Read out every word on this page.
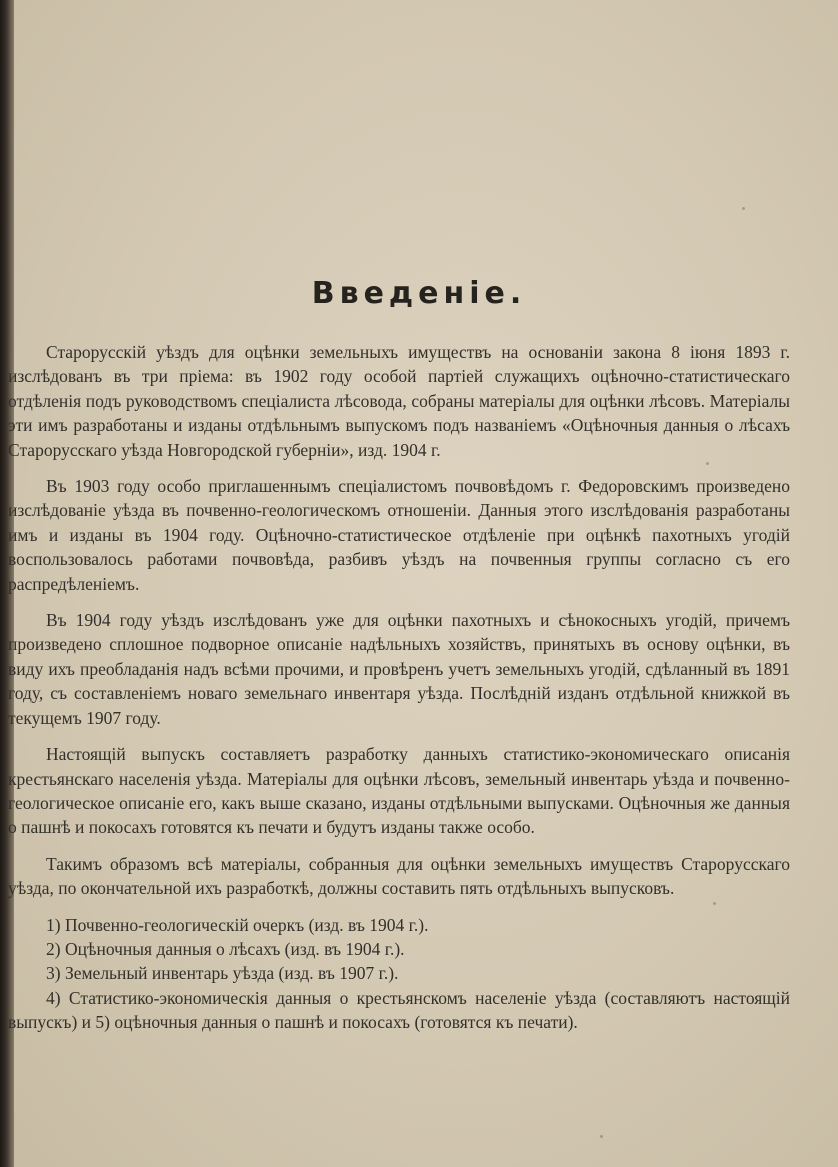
Введеніе.

Старорусскій уѣздъ для оцѣнки земельныхъ имуществъ на основаніи закона 8 іюня 1893 г. изслѣдованъ въ три пріема: въ 1902 году особой партіей служащихъ оцѣночно-статистическаго отдѣленія подъ руководствомъ спеціалиста лѣсовода, собраны матеріалы для оцѣнки лѣсовъ. Матеріалы эти имъ разработаны и изданы отдѣльнымъ выпускомъ подъ названіемъ «Оцѣночныя данныя о лѣсахъ Старорусскаго уѣзда Новгородской губерніи», изд. 1904 г.

Въ 1903 году особо приглашеннымъ спеціалистомъ почвовѣдомъ г. Федоровскимъ произведено изслѣдованіе уѣзда въ почвенно-геологическомъ отношеніи. Данныя этого изслѣдованія разработаны имъ и изданы въ 1904 году. Оцѣночно-статистическое отдѣленіе при оцѣнкѣ пахотныхъ угодій воспользовалось работами почвовѣда, разбивъ уѣздъ на почвенныя группы согласно съ его распредѣленіемъ.

Въ 1904 году уѣздъ изслѣдованъ уже для оцѣнки пахотныхъ и сѣнокосныхъ угодій, причемъ произведено сплошное подворное описаніе надѣльныхъ хозяйствъ, принятыхъ въ основу оцѣнки, въ виду ихъ преобладанія надъ всѣми прочими, и провѣренъ учетъ земельныхъ угодій, сдѣланный въ 1891 году, съ составленіемъ новаго земельнаго инвентаря уѣзда. Послѣдній изданъ отдѣльной книжкой въ текущемъ 1907 году.

Настоящій выпускъ составляетъ разработку данныхъ статистико-экономическаго описанія крестьянскаго населенія уѣзда. Матеріалы для оцѣнки лѣсовъ, земельный инвентарь уѣзда и почвенно-геологическое описаніе его, какъ выше сказано, изданы отдѣльными выпусками. Оцѣночныя же данныя о пашнѣ и покосахъ готовятся къ печати и будутъ изданы также особо.

Такимъ образомъ всѣ матеріалы, собранныя для оцѣнки земельныхъ имуществъ Старорусскаго уѣзда, по окончательной ихъ разработкѣ, должны составить пять отдѣльныхъ выпусковъ.

1) Почвенно-геологическій очеркъ (изд. въ 1904 г.).
2) Оцѣночныя данныя о лѣсахъ (изд. въ 1904 г.).
3) Земельный инвентарь уѣзда (изд. въ 1907 г.).
4) Статистико-экономическія данныя о крестьянскомъ населеніе уѣзда (составляютъ настоящій выпускъ) и 5) оцѣночныя данныя о пашнѣ и покосахъ (готовятся къ печати).
